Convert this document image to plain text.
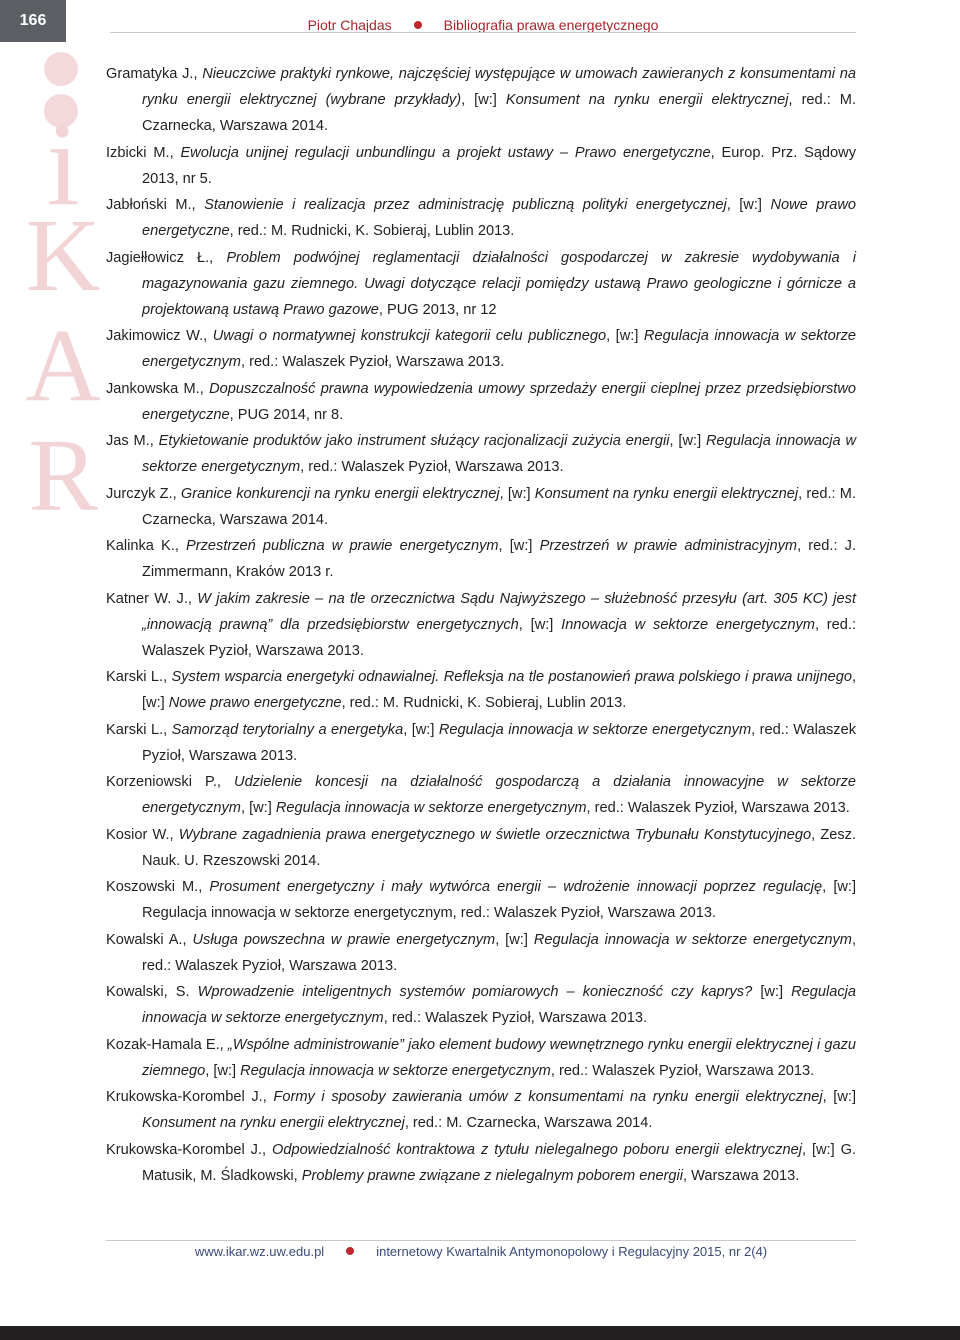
166	Piotr Chajdas	Bibliografia prawa energetycznego
i
K
A
R
Gramatyka J., Nieuczciwe praktyki rynkowe, najczęściej występujące w umowach zawieranych z konsumentami na rynku energii elektrycznej (wybrane przykłady), [w:] Konsument na rynku energii elektrycznej, red.: M. Czarnecka, Warszawa 2014.
Izbicki M., Ewolucja unijnej regulacji unbundlingu a projekt ustawy – Prawo energetyczne, Europ. Prz. Sądowy 2013, nr 5.
Jabłoński M., Stanowienie i realizacja przez administrację publiczną polityki energetycznej, [w:] Nowe prawo energetyczne, red.: M. Rudnicki, K. Sobieraj, Lublin 2013.
Jagiełłowicz Ł., Problem podwójnej reglamentacji działalności gospodarczej w zakresie wydobywania i magazynowania gazu ziemnego. Uwagi dotyczące relacji pomiędzy ustawą Prawo geologiczne i górnicze a projektowaną ustawą Prawo gazowe, PUG 2013, nr 12
Jakimowicz W., Uwagi o normatywnej konstrukcji kategorii celu publicznego, [w:] Regulacja innowacja w sektorze energetycznym, red.: Walaszek Pyzioł, Warszawa 2013.
Jankowska M., Dopuszczalność prawna wypowiedzenia umowy sprzedaży energii cieplnej przez przedsiębiorstwo energetyczne, PUG 2014, nr 8.
Jas M., Etykietowanie produktów jako instrument służący racjonalizacji zużycia energii, [w:] Regulacja innowacja w sektorze energetycznym, red.: Walaszek Pyzioł, Warszawa 2013.
Jurczyk Z., Granice konkurencji na rynku energii elektrycznej, [w:] Konsument na rynku energii elektrycznej, red.: M. Czarnecka, Warszawa 2014.
Kalinka K., Przestrzeń publiczna w prawie energetycznym, [w:] Przestrzeń w prawie administracyjnym, red.: J. Zimmermann, Kraków 2013 r.
Katner W. J., W jakim zakresie – na tle orzecznictwa Sądu Najwyższego – służebność przesyłu (art. 305 KC) jest „innowacją prawną” dla przedsiębiorstw energetycznych, [w:] Innowacja w sektorze energetycznym, red.: Walaszek Pyzioł, Warszawa 2013.
Karski L., System wsparcia energetyki odnawialnej. Refleksja na tle postanowień prawa polskiego i prawa unijnego, [w:] Nowe prawo energetyczne, red.: M. Rudnicki, K. Sobieraj, Lublin 2013.
Karski L., Samorząd terytorialny a energetyka, [w:] Regulacja innowacja w sektorze energetycznym, red.: Walaszek Pyzioł, Warszawa 2013.
Korzeniowski P., Udzielenie koncesji na działalność gospodarczą a działania innowacyjne w sektorze energetycznym, [w:] Regulacja innowacja w sektorze energetycznym, red.: Walaszek Pyzioł, Warszawa 2013.
Kosior W., Wybrane zagadnienia prawa energetycznego w świetle orzecznictwa Trybunału Konstytucyjnego, Zesz. Nauk. U. Rzeszowski 2014.
Koszowski M., Prosument energetyczny i mały wytwórca energii – wdrożenie innowacji poprzez regulację, [w:] Regulacja innowacja w sektorze energetycznym, red.: Walaszek Pyzioł, Warszawa 2013.
Kowalski A., Usługa powszechna w prawie energetycznym, [w:] Regulacja innowacja w sektorze energetycznym, red.: Walaszek Pyzioł, Warszawa 2013.
Kowalski, S. Wprowadzenie inteligentnych systemów pomiarowych – konieczność czy kaprys? [w:] Regulacja innowacja w sektorze energetycznym, red.: Walaszek Pyzioł, Warszawa 2013.
Kozak-Hamala E., „Wspólne administrowanie” jako element budowy wewnętrznego rynku energii elektrycznej i gazu ziemnego, [w:] Regulacja innowacja w sektorze energetycznym, red.: Walaszek Pyzioł, Warszawa 2013.
Krukowska-Korombel J., Formy i sposoby zawierania umów z konsumentami na rynku energii elektrycznej, [w:] Konsument na rynku energii elektrycznej, red.: M. Czarnecka, Warszawa 2014.
Krukowska-Korombel J., Odpowiedzialność kontraktowa z tytułu nielegalnego poboru energii elektrycznej, [w:] G. Matusik, M. Śladkowski, Problemy prawne związane z nielegalnym poborem energii, Warszawa 2013.
www.ikar.wz.uw.edu.pl	internetowy Kwartalnik Antymonopolowy i Regulacyjny 2015, nr 2(4)
